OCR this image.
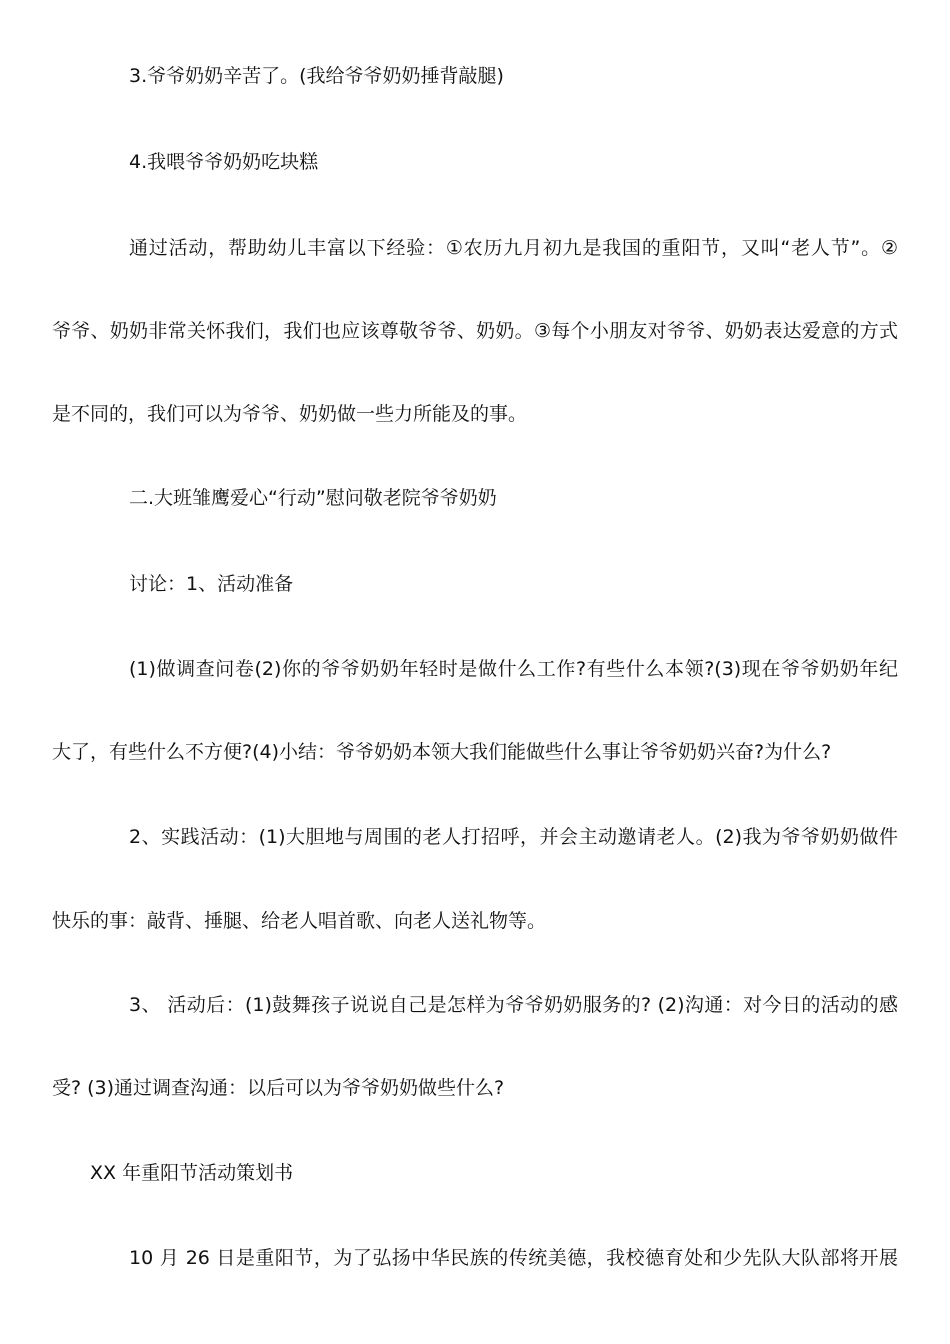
3.爷爷奶奶辛苦了。(我给爷爷奶奶捶背敲腿)
4.我喂爷爷奶奶吃块糕
通过活动，帮助幼儿丰富以下经验：①农历九月初九是我国的重阳节，又叫“老人节”。②
爷爷、奶奶非常关怀我们，我们也应该尊敬爷爷、奶奶。③每个小朋友对爷爷、奶奶表达爱意的方式
是不同的，我们可以为爷爷、奶奶做一些力所能及的事。
二.大班雏鹰爱心“行动”慰问敬老院爷爷奶奶
讨论：1、活动准备
(1)做调查问卷(2)你的爷爷奶奶年轻时是做什么工作?有些什么本领?(3)现在爷爷奶奶年纪
大了，有些什么不方便?(4)小结：爷爷奶奶本领大我们能做些什么事让爷爷奶奶兴奋?为什么?
2、实践活动：(1)大胆地与周围的老人打招呼，并会主动邀请老人。(2)我为爷爷奶奶做件
快乐的事：敲背、捶腿、给老人唱首歌、向老人送礼物等。
3、 活动后：(1)鼓舞孩子说说自己是怎样为爷爷奶奶服务的? (2)沟通：对今日的活动的感
受? (3)通过调查沟通：以后可以为爷爷奶奶做些什么?
XX 年重阳节活动策划书
10 月 26 日是重阳节，为了弘扬中华民族的传统美德，我校德育处和少先队大队部将开展
